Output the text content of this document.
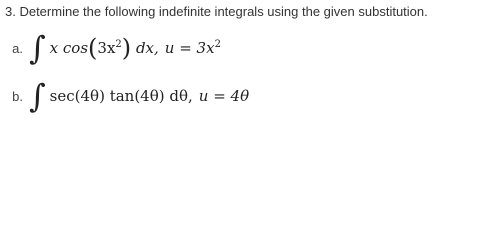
3. Determine the following indefinite integrals using the given substitution.
a. ∫ x $\cos(3x^2)$ dx, $u = 3x^2$
b. ∫ sec(4θ) tan(4θ) dθ, u = 4θ
